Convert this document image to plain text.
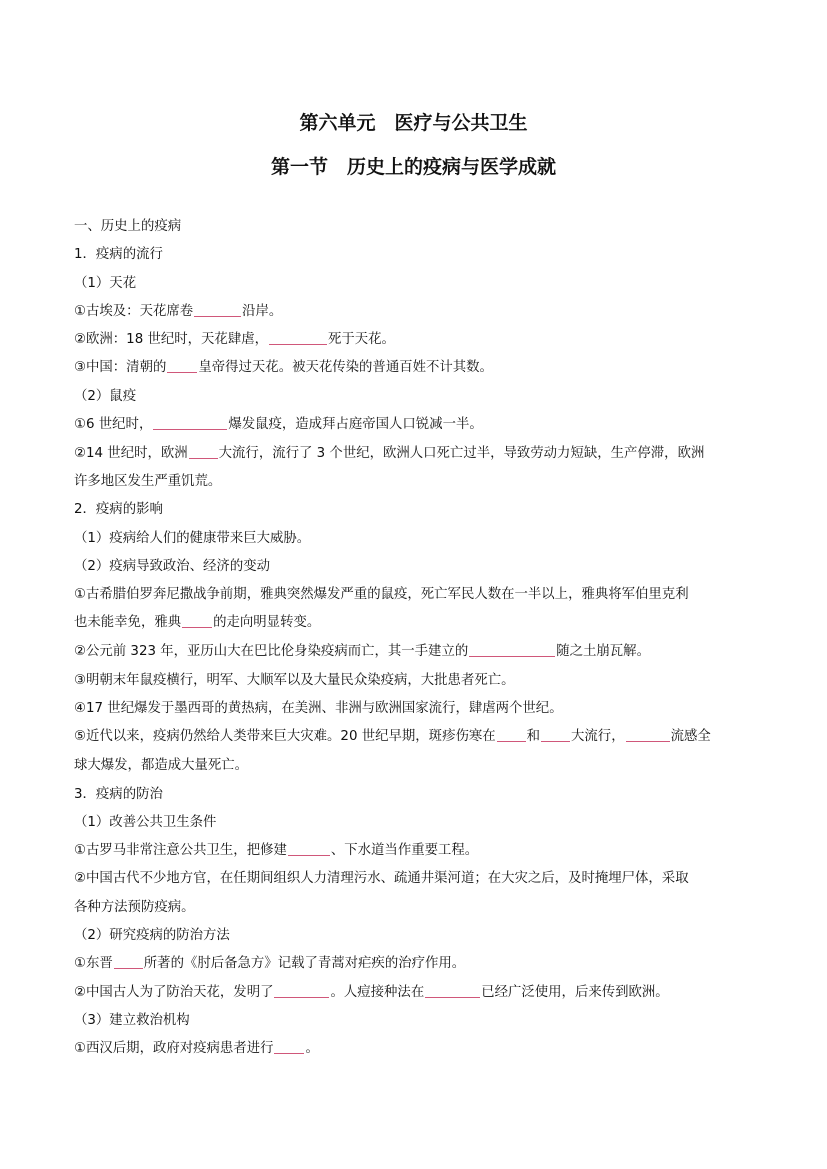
第六单元　医疗与公共卫生
第一节　历史上的疫病与医学成就
一、历史上的疫病
1．疫病的流行
（1）天花
①古埃及：天花席卷	沿岸。
②欧洲：18 世纪时，天花肆虐，	死于天花。
③中国：清朝的 皇帝得过天花。被天花传染的普通百姓不计其数。
（2）鼠疫
①6 世纪时，	爆发鼠疫，造成拜占庭帝国人口锐减一半。
②14 世纪时，欧洲 大流行，流行了 3 个世纪，欧洲人口死亡过半，导致劳动力短缺，生产停滞，欧洲
许多地区发生严重饥荒。
2．疫病的影响
（1）疫病给人们的健康带来巨大威胁。
（2）疫病导致政治、经济的变动
①古希腊伯罗奔尼撒战争前期，雅典突然爆发严重的鼠疫，死亡军民人数在一半以上，雅典将军伯里克利
也未能幸免，雅典 的走向明显转变。
②公元前 323 年，亚历山大在巴比伦身染疫病而亡，其一手建立的	随之土崩瓦解。
③明朝末年鼠疫横行，明军、大顺军以及大量民众染疫病，大批患者死亡。
④17 世纪爆发于墨西哥的黄热病，在美洲、非洲与欧洲国家流行，肆虐两个世纪。
⑤近代以来，疫病仍然给人类带来巨大灾难。20 世纪早期，斑疹伤寒在 和 大流行，	流感全
球大爆发，都造成大量死亡。
3．疫病的防治
（1）改善公共卫生条件
①古罗马非常注意公共卫生，把修建	、下水道当作重要工程。
②中国古代不少地方官，在任期间组织人力清理污水、疏通井渠河道；在大灾之后，及时掩埋尸体，采取
各种方法预防疫病。
（2）研究疫病的防治方法
①东晋 所著的《肘后备急方》记载了青蒿对疟疾的治疗作用。
②中国古人为了防治天花，发明了	。人痘接种法在	已经广泛使用，后来传到欧洲。
（3）建立救治机构
①西汉后期，政府对疫病患者进行 。
